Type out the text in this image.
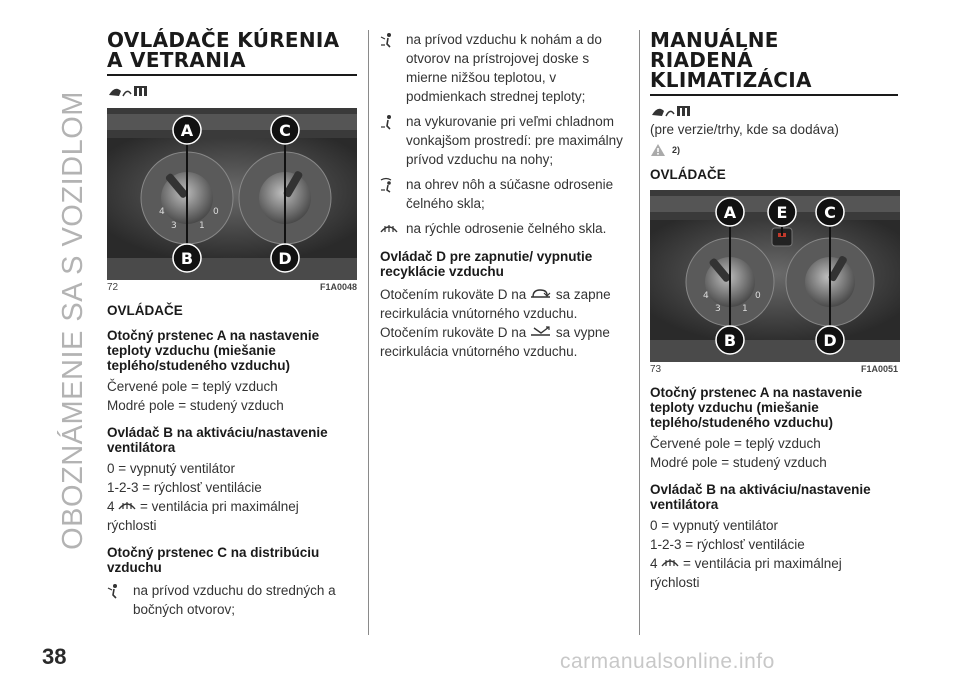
OBOZNÁMENIE SA S VOZIDLOM
38	carmanualsonline.info
OVLÁDAČE KÚRENIA
A VETRANIA
A	C
B	D
4
3 1
0
72	F1A0048
OVLÁDAČE
Otočný prstenec A na nastavenie teploty vzduchu (miešanie teplého/studeného vzduchu)
Červené pole = teplý vzduch
Modré pole = studený vzduch
Ovládač B na aktiváciu/nastavenie ventilátora
0 = vypnutý ventilátor
1-2-3 = rýchlosť ventilácie
4 = ventilácia pri maximálnej
rýchlosti
Otočný prstenec C na distribúciu vzduchu
na prívod vzduchu do stredných a bočných otvorov;
na prívod vzduchu k nohám a do otvorov na prístrojovej doske s mierne nižšou teplotou, v podmienkach strednej teploty;
na vykurovanie pri veľmi chladnom vonkajšom prostredí: pre maximálny prívod vzduchu na nohy;
na ohrev nôh a súčasne odrosenie čelného skla;
na rýchle odrosenie čelného skla.
Ovládač D pre zapnutie/ vypnutie recyklácie vzduchu
Otočením rukoväte D na sa zapne
recirkulácia vnútorného vzduchu.
Otočením rukoväte D na sa vypne
recirkulácia vnútorného vzduchu.
MANUÁLNE
RIADENÁ
KLIMATIZÁCIA
(pre verzie/trhy, kde sa dodáva)
2)
OVLÁDAČE
A	E C
B	D
4
3 1
0
73	F1A0051
Otočný prstenec A na nastavenie teploty vzduchu (miešanie teplého/studeného vzduchu)
Červené pole = teplý vzduch
Modré pole = studený vzduch
Ovládač B na aktiváciu/nastavenie ventilátora
0 = vypnutý ventilátor
1-2-3 = rýchlosť ventilácie
4 = ventilácia pri maximálnej
rýchlosti
